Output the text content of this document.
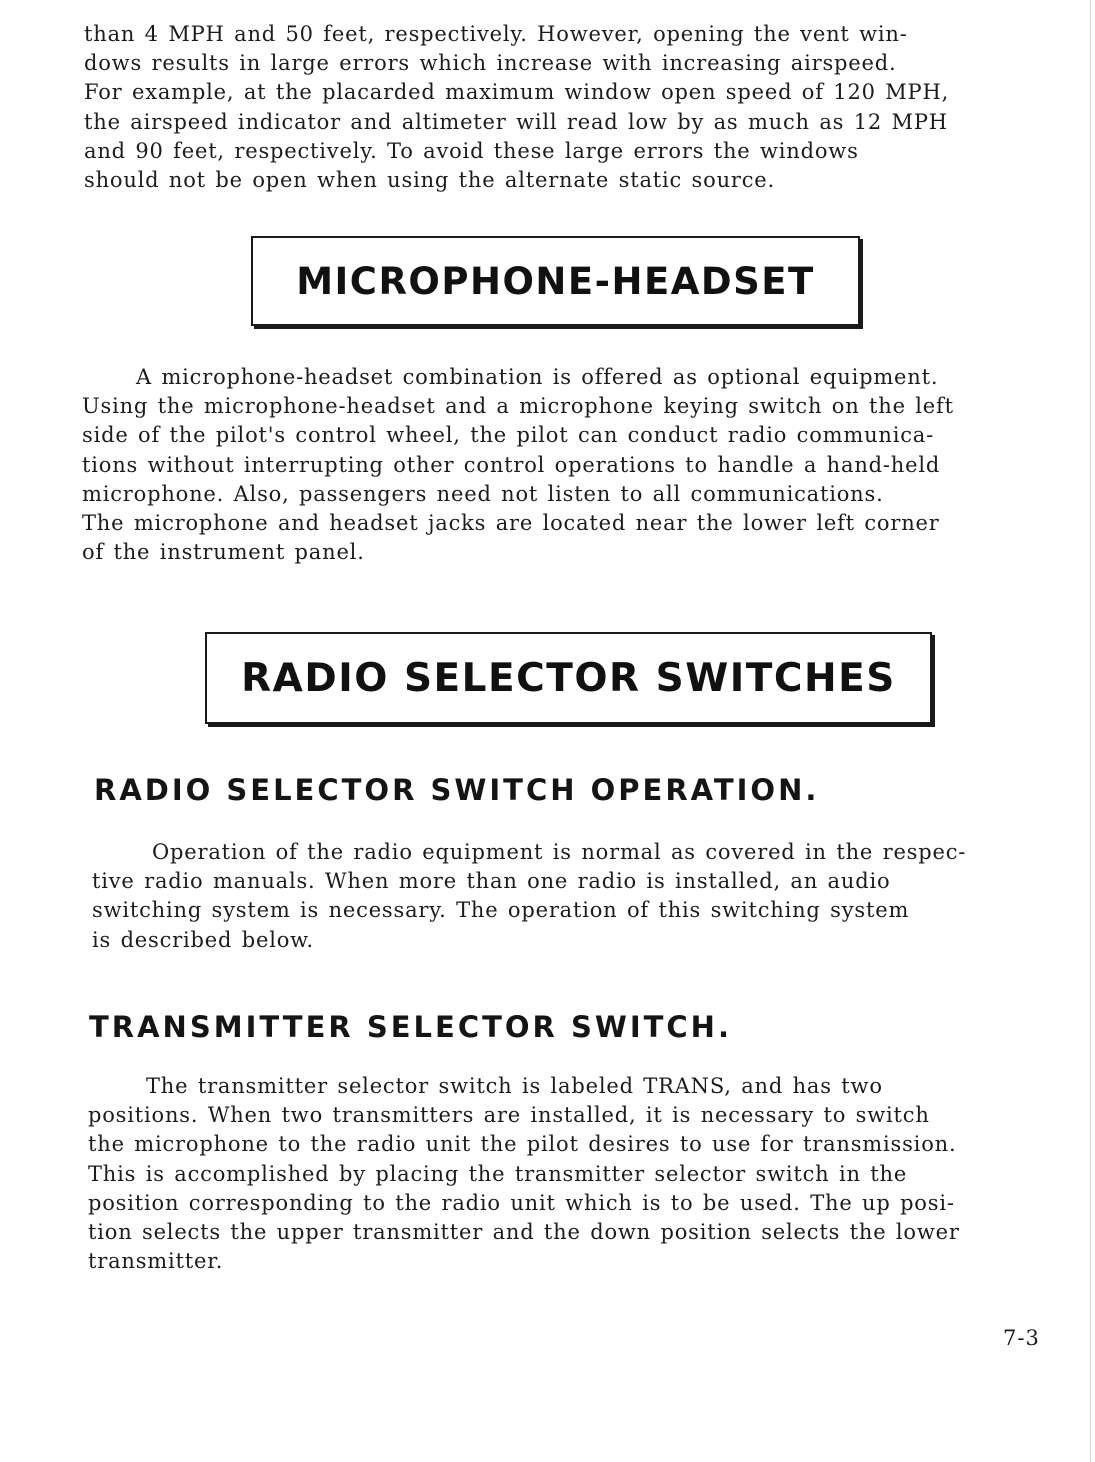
than 4 MPH and 50 feet, respectively. However, opening the vent win-
dows results in large errors which increase with increasing airspeed.
For example, at the placarded maximum window open speed of 120 MPH,
the airspeed indicator and altimeter will read low by as much as 12 MPH
and 90 feet, respectively. To avoid these large errors the windows
should not be open when using the alternate static source.
MICROPHONE-HEADSET
A microphone-headset combination is offered as optional equipment.
Using the microphone-headset and a microphone keying switch on the left
side of the pilot's control wheel, the pilot can conduct radio communica-
tions without interrupting other control operations to handle a hand-held
microphone. Also, passengers need not listen to all communications.
The microphone and headset jacks are located near the lower left corner
of the instrument panel.
RADIO SELECTOR SWITCHES
RADIO SELECTOR SWITCH OPERATION.
Operation of the radio equipment is normal as covered in the respec-
tive radio manuals. When more than one radio is installed, an audio
switching system is necessary. The operation of this switching system
is described below.
TRANSMITTER SELECTOR SWITCH.
The transmitter selector switch is labeled TRANS, and has two
positions. When two transmitters are installed, it is necessary to switch
the microphone to the radio unit the pilot desires to use for transmission.
This is accomplished by placing the transmitter selector switch in the
position corresponding to the radio unit which is to be used. The up posi-
tion selects the upper transmitter and the down position selects the lower
transmitter.
7-3
